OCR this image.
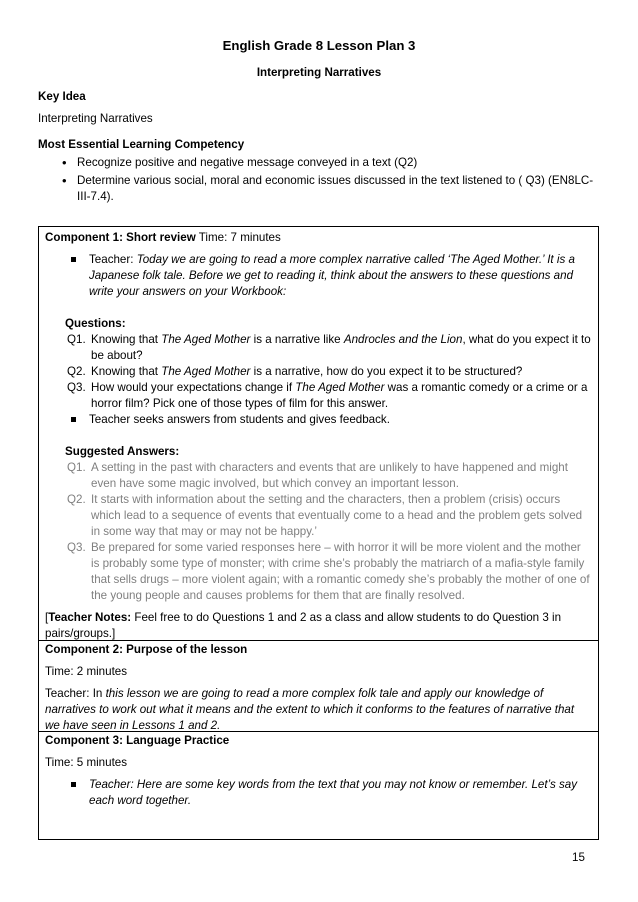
English Grade 8 Lesson Plan 3
Interpreting Narratives
Key Idea
Interpreting Narratives
Most Essential Learning Competency
• Recognize positive and negative message conveyed in a text (Q2)
• Determine various social, moral and economic issues discussed in the text listened to ( Q3) (EN8LC-III-7.4).
Component 1: Short review Time: 7 minutes
Teacher: Today we are going to read a more complex narrative called ‘The Aged Mother.’ It is a Japanese folk tale. Before we get to reading it, think about the answers to these questions and write your answers on your Workbook:
Questions:
Q1. Knowing that The Aged Mother is a narrative like Androcles and the Lion, what do you expect it to be about?
Q2. Knowing that The Aged Mother is a narrative, how do you expect it to be structured?
Q3. How would your expectations change if The Aged Mother was a romantic comedy or a crime or a horror film? Pick one of those types of film for this answer.
Teacher seeks answers from students and gives feedback.
Suggested Answers:
Q1. A setting in the past with characters and events that are unlikely to have happened and might even have some magic involved, but which convey an important lesson.
Q2. It starts with information about the setting and the characters, then a problem (crisis) occurs which lead to a sequence of events that eventually come to a head and the problem gets solved in some way that may or may not be happy.’
Q3. Be prepared for some varied responses here – with horror it will be more violent and the mother is probably some type of monster; with crime she’s probably the matriarch of a mafia-style family that sells drugs – more violent again; with a romantic comedy she’s probably the mother of one of the young people and causes problems for them that are finally resolved.
[Teacher Notes: Feel free to do Questions 1 and 2 as a class and allow students to do Question 3 in pairs/groups.]
Component 2: Purpose of the lesson
Time: 2 minutes
Teacher: In this lesson we are going to read a more complex folk tale and apply our knowledge of narratives to work out what it means and the extent to which it conforms to the features of narrative that we have seen in Lessons 1 and 2.
Component 3: Language Practice
Time: 5 minutes
Teacher: Here are some key words from the text that you may not know or remember. Let’s say each word together.
15
